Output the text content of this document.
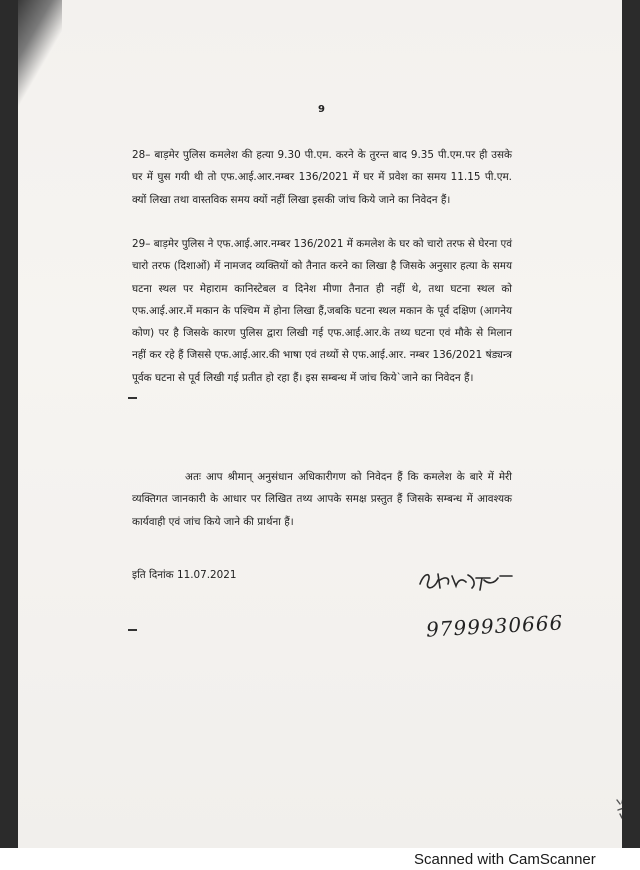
9
28– बाड़मेर पुलिस कमलेश की हत्या 9.30 पी.एम. करने के तुरन्त बाद 9.35 पी.एम.पर ही उसके घर में घुस गयी थी तो एफ.आई.आर.नम्बर 136/2021 में घर में प्रवेश का समय 11.15 पी.एम. क्यों लिखा तथा वास्तविक समय क्यों नहीं लिखा इसकी जांच किये जाने का निवेदन हैं।
29– बाड़मेर पुलिस ने एफ.आई.आर.नम्बर 136/2021 में कमलेश के घर को चारो तरफ से घेरना एवं चारो तरफ (दिशाओं) में नामजद व्यक्तियों को तैनात करने का लिखा है जिसके अनुसार हत्या के समय घटना स्थल पर मेहाराम कानिस्टेबल व दिनेश मीणा तैनात ही नहीं थे, तथा घटना स्थल को एफ.आई.आर.में मकान के पश्चिम में होना लिखा हैं,जबकि घटना स्थल मकान के पूर्व दक्षिण (आगनेय कोण) पर है जिसके कारण पुलिस द्वारा लिखी गई एफ.आई.आर.के तथ्य घटना एवं मौके से मिलान नहीं कर रहे हैं जिससे एफ.आई.आर.की भाषा एवं तथ्यों से एफ.आई.आर. नम्बर 136/2021 षंड्यन्त्र पूर्वक घटना से पूर्व लिखी गई प्रतीत हो रहा हैं। इस सम्बन्ध में जांच किये`जाने का निवेदन हैं।
अतः आप श्रीमान् अनुसंधान अधिकारीगण को निवेदन हैं कि कमलेश के बारे में मेरी व्यक्तिगत जानकारी के आधार पर लिखित तथ्य आपके समक्ष प्रस्तुत हैं जिसके सम्बन्ध में आवश्यक कार्यवाही एवं जांच किये जाने की प्रार्थना हैं।
इति दिनांक 11.07.2021
9799930666
Scanned with CamScanner
